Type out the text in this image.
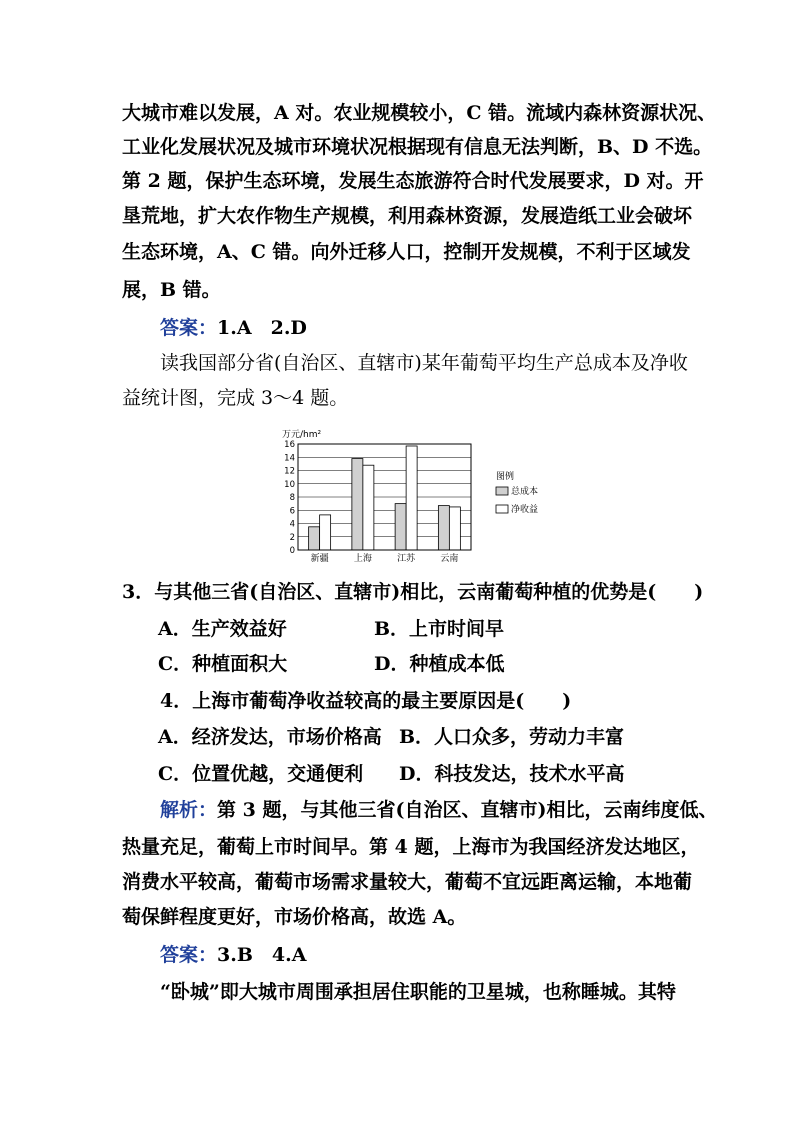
大城市难以发展，A 对。农业规模较小，C 错。流域内森林资源状况、
工业化发展状况及城市环境状况根据现有信息无法判断，B、D 不选。
第 2 题，保护生态环境，发展生态旅游符合时代发展要求，D 对。开
垦荒地，扩大农作物生产规模，利用森林资源，发展造纸工业会破坏
生态环境，A、C 错。向外迁移人口，控制开发规模，不利于区域发
展，B 错。
答案：1.A　2.D
读我国部分省(自治区、直辖市)某年葡萄平均生产总成本及净收
益统计图，完成 3～4 题。
万元/hm²
0
2
4
6
8
10
12
14
16
新疆	上海	江苏	云南
图例
总成本
净收益
3．与其他三省(自治区、直辖市)相比，云南葡萄种植的优势是(　　)
A．生产效益好	B．上市时间早
C．种植面积大	D．种植成本低
4．上海市葡萄净收益较高的最主要原因是(　　)
A．经济发达，市场价格高 B．人口众多，劳动力丰富
C．位置优越，交通便利 D．科技发达，技术水平高
解析：第 3 题，与其他三省(自治区、直辖市)相比，云南纬度低、
热量充足，葡萄上市时间早。第 4 题，上海市为我国经济发达地区，
消费水平较高，葡萄市场需求量较大，葡萄不宜远距离运输，本地葡
萄保鲜程度更好，市场价格高，故选 A。
答案：3.B　4.A
“卧城”即大城市周围承担居住职能的卫星城，也称睡城。其特
